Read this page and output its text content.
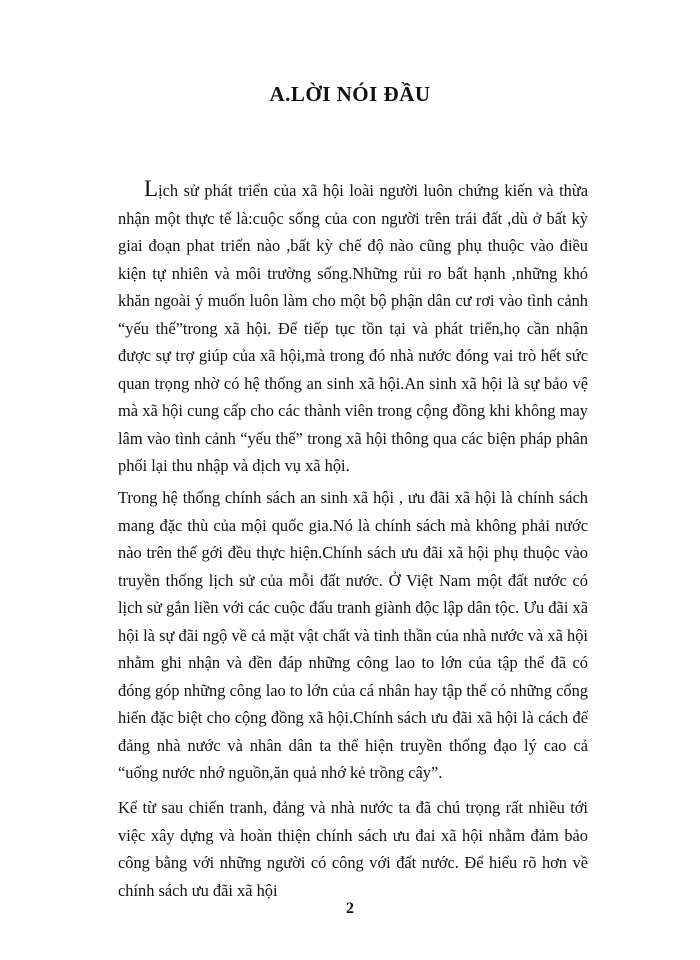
A.LỜI NÓI ĐẦU

Lịch sử phát triển của xã hội loài người luôn chứng kiến và thừa nhận một thực tế là:cuộc sống của con người trên trái đất ,dù ở bất kỳ giai đoạn phat triển nào ,bất kỳ chế độ nào cũng phụ thuộc vào điều kiện tự nhiên và môi trường sống.Những rủi ro bất hạnh ,những khó khăn ngoài ý muốn luôn làm cho một bộ phận dân cư rơi vào tình cảnh “yếu thế”trong xã hội. Để tiếp tục tồn tại và phát triển,họ cần nhận được sự trợ giúp của xã hội,mà trong đó nhà nước đóng vai trò hết sức quan trọng nhờ có hệ thống an sinh xã hội.An sinh xã hội là sự bảo vệ mà xã hội cung cấp cho các thành viên trong cộng đồng khi không may lâm vào tình cảnh “yếu thế” trong xã hội thông qua các biện pháp phân phối lại thu nhập và dịch vụ xã hội.

Trong hệ thống chính sách an sinh xã hội , ưu đãi xã hội là chính sách mang đặc thù của mội quốc gia.Nó là chính sách mà không phải nước nào trên thế gới đều thực hiện.Chính sách ưu đãi xã hội phụ thuộc vào truyền thống lịch sử của mỗi đất nước. Ở Việt Nam một đất nước có lịch sử gắn liền với các cuộc đấu tranh giành độc lập dân tộc. Ưu đãi xã hội là sự đãi ngộ về cả mặt vật chất và tinh thần của nhà nước và xã hội nhằm ghi nhận và đền đáp những công lao to lớn của tập thể đã có đóng góp những công lao to lớn của cá nhân hay tập thể có những cống hiến đặc biệt cho cộng đồng xã hội.Chính sách ưu đãi xã hội là cách để đảng nhà nước và nhân dân ta thể hiện truyền thống đạo lý cao cả “uống nước nhớ nguồn,ăn quả nhớ kẻ trồng cây”.

Kể từ sau chiến tranh, đảng và nhà nước ta đã chú trọng rất nhiều tới việc xây dựng và hoàn thiện chính sách ưu đai xã hội nhằm đảm bảo công bằng với những người có công với đất nước. Để hiểu rõ hơn về chính sách ưu đãi xã hội

2
